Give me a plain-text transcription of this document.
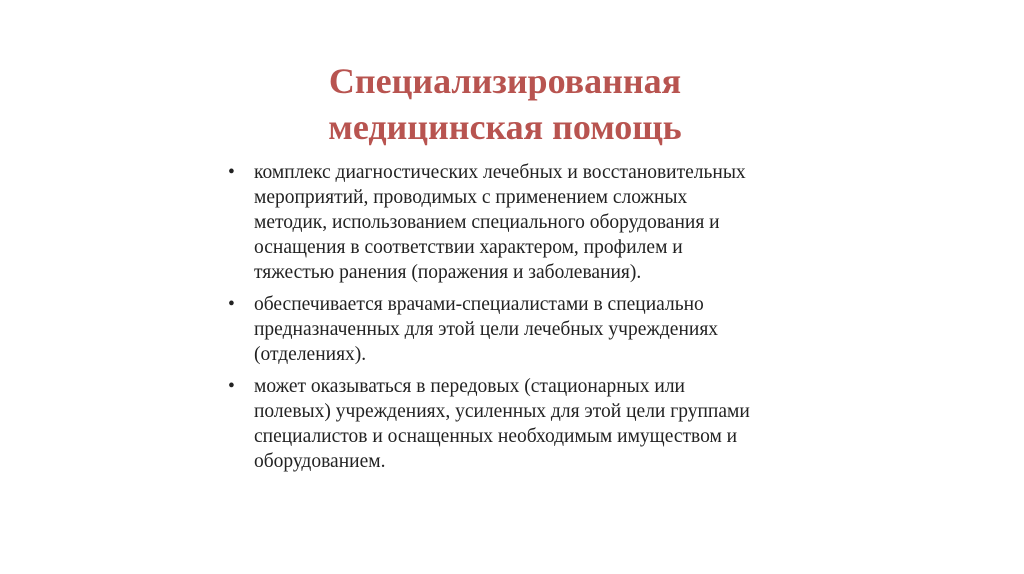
Специализированная
медицинская помощь
• комплекс диагностических лечебных и восстановительных
мероприятий, проводимых с применением сложных
методик, использованием специального оборудования и
оснащения в соответствии характером, профилем и
тяжестью ранения (поражения и заболевания).
• обеспечивается врачами-специалистами в специально
предназначенных для этой цели лечебных учреждениях
(отделениях).
• может оказываться в передовых (стационарных или
полевых) учреждениях, усиленных для этой цели группами
специалистов и оснащенных необходимым имуществом и
оборудованием.
